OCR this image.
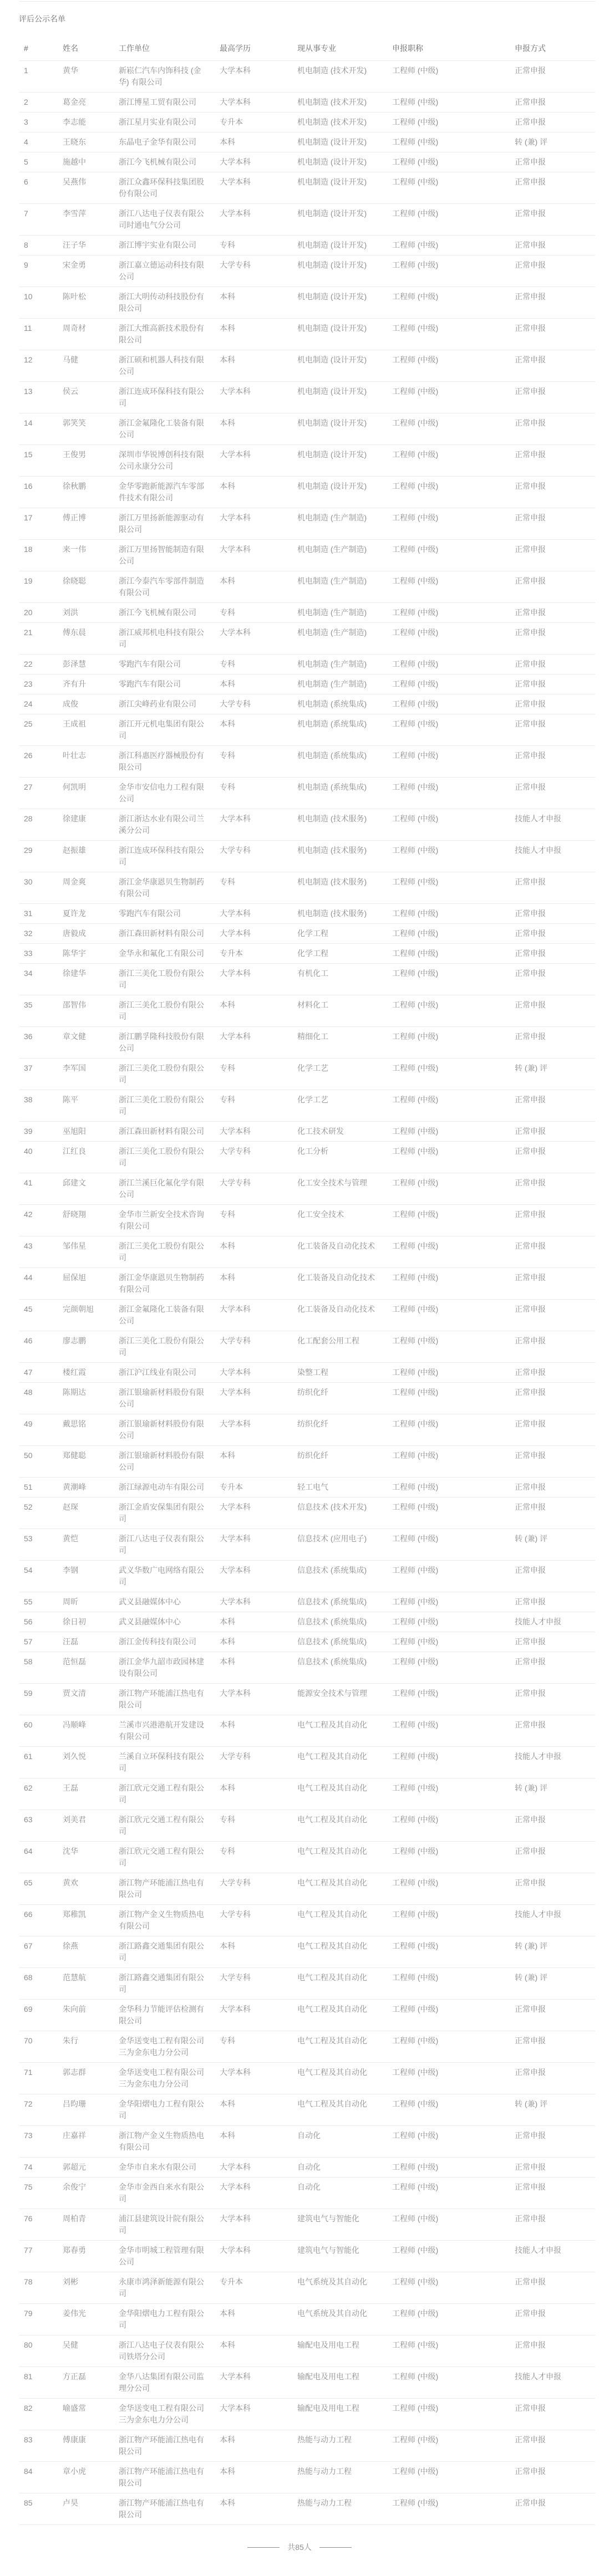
评后公示名单
#	姓名	工作单位	最高学历	现从事专业	申报职称	申报方式
1	黄华	新崧仁汽车内饰科技 (金华) 有限公司	大学本科	机电制造 (技术开发)	工程师 (中级)	正常申报
2	葛金亮	浙江博星工贸有限公司	大学本科	机电制造 (技术开发)	工程师 (中级)	正常申报
3	李志能	浙江星月实业有限公司	专升本	机电制造 (技术开发)	工程师 (中级)	正常申报
4	王晓东	东晶电子金华有限公司	本科	机电制造 (设计开发)	工程师 (中级)	转 (兼) 评
5	施越中	浙江今飞机械有限公司	大学本科	机电制造 (设计开发)	工程师 (中级)	正常申报
6	吴燕伟	浙江众鑫环保科技集团股份有限公司	大学本科	机电制造 (设计开发)	工程师 (中级)	正常申报
7	李雪萍	浙江八达电子仪表有限公司时通电气分公司	大学本科	机电制造 (设计开发)	工程师 (中级)	正常申报
8	汪子华	浙江博宇实业有限公司	专科	机电制造 (设计开发)	工程师 (中级)	正常申报
9	宋金勇	浙江嘉立德运动科技有限公司	大学专科	机电制造 (设计开发)	工程师 (中级)	正常申报
10	陈叶松	浙江大明传动科技股份有限公司	本科	机电制造 (设计开发)	工程师 (中级)	正常申报
11	周奇材	浙江大维高新技术股份有限公司	本科	机电制造 (设计开发)	工程师 (中级)	正常申报
12	马健	浙江硕和机器人科技有限公司	本科	机电制造 (设计开发)	工程师 (中级)	正常申报
13	侯云	浙江连成环保科技有限公司	大学本科	机电制造 (设计开发)	工程师 (中级)	正常申报
14	郭笑笑	浙江金氟隆化工装备有限公司	本科	机电制造 (设计开发)	工程师 (中级)	正常申报
15	王俊男	深圳市华锐博创科技有限公司永康分公司	大学本科	机电制造 (设计开发)	工程师 (中级)	正常申报
16	徐秋鹏	金华零跑新能源汽车零部件技术有限公司	本科	机电制造 (设计开发)	工程师 (中级)	正常申报
17	傅正博	浙江万里扬新能源驱动有限公司	大学本科	机电制造 (生产制造)	工程师 (中级)	正常申报
18	来一伟	浙江万里扬智能制造有限公司	大学本科	机电制造 (生产制造)	工程师 (中级)	正常申报
19	徐晓聪	浙江今泰汽车零部件制造有限公司	本科	机电制造 (生产制造)	工程师 (中级)	正常申报
20	刘洪	浙江今飞机械有限公司	专科	机电制造 (生产制造)	工程师 (中级)	正常申报
21	傅东晨	浙江威邦机电科技有限公司	大学本科	机电制造 (生产制造)	工程师 (中级)	正常申报
22	彭泽慧	零跑汽车有限公司	专科	机电制造 (生产制造)	工程师 (中级)	正常申报
23	齐有升	零跑汽车有限公司	本科	机电制造 (生产制造)	工程师 (中级)	正常申报
24	成俊	浙江尖峰药业有限公司	大学专科	机电制造 (系统集成)	工程师 (中级)	正常申报
25	王成祖	浙江开元机电集团有限公司	本科	机电制造 (系统集成)	工程师 (中级)	正常申报
26	叶壮志	浙江科惠医疗器械股份有限公司	专科	机电制造 (系统集成)	工程师 (中级)	正常申报
27	何凯明	金华市安信电力工程有限公司	专科	机电制造 (系统集成)	工程师 (中级)	正常申报
28	徐建康	浙江浙达水业有限公司兰溪分公司	大学本科	机电制造 (技术服务)	工程师 (中级)	技能人才申报
29	赵振雄	浙江连成环保科技有限公司	大学专科	机电制造 (技术服务)	工程师 (中级)	技能人才申报
30	周金爽	浙江金华康恩贝生物制药有限公司	专科	机电制造 (技术服务)	工程师 (中级)	正常申报
31	夏许龙	零跑汽车有限公司	大学本科	机电制造 (技术服务)	工程师 (中级)	正常申报
32	唐毅成	浙江森田新材料有限公司	大学本科	化学工程	工程师 (中级)	正常申报
33	陈华宇	金华永和氟化工有限公司	专升本	化学工程	工程师 (中级)	正常申报
34	徐建华	浙江三美化工股份有限公司	大学本科	有机化工	工程师 (中级)	正常申报
35	邵智伟	浙江三美化工股份有限公司	本科	材料化工	工程师 (中级)	正常申报
36	章文健	浙江鹏孚隆科技股份有限公司	大学本科	精细化工	工程师 (中级)	正常申报
37	李军国	浙江三美化工股份有限公司	专科	化学工艺	工程师 (中级)	转 (兼) 评
38	陈平	浙江三美化工股份有限公司	专科	化学工艺	工程师 (中级)	正常申报
39	巫旭阳	浙江森田新材料有限公司	大学本科	化工技术研发	工程师 (中级)	正常申报
40	江红良	浙江三美化工股份有限公司	大学专科	化工分析	工程师 (中级)	正常申报
41	邱建文	浙江兰溪巨化氟化学有限公司	大学专科	化工安全技术与管理	工程师 (中级)	正常申报
42	舒晓翔	金华市兰新安全技术咨询有限公司	专科	化工安全技术	工程师 (中级)	正常申报
43	邹伟星	浙江三美化工股份有限公司	本科	化工装备及自动化技术	工程师 (中级)	正常申报
44	屈保旭	浙江金华康恩贝生物制药有限公司	本科	化工装备及自动化技术	工程师 (中级)	正常申报
45	完颜朝旭	浙江金氟隆化工装备有限公司	大学本科	化工装备及自动化技术	工程师 (中级)	正常申报
46	廖志鹏	浙江三美化工股份有限公司	大学专科	化工配套公用工程	工程师 (中级)	正常申报
47	楼红霞	浙江沪江线业有限公司	大学本科	染整工程	工程师 (中级)	正常申报
48	陈期达	浙江银瑜新材料股份有限公司	大学本科	纺织化纤	工程师 (中级)	正常申报
49	戴思铭	浙江银瑜新材料股份有限公司	大学本科	纺织化纤	工程师 (中级)	正常申报
50	郑健聪	浙江银瑜新材料股份有限公司	本科	纺织化纤	工程师 (中级)	正常申报
51	黄潮峰	浙江绿源电动车有限公司	专升本	轻工电气	工程师 (中级)	正常申报
52	赵琛	浙江金盾安保集团有限公司	大学本科	信息技术 (技术开发)	工程师 (中级)	正常申报
53	黄恺	浙江八达电子仪表有限公司	大学本科	信息技术 (应用电子)	工程师 (中级)	转 (兼) 评
54	李钢	武义华数广电网络有限公司	大学本科	信息技术 (系统集成)	工程师 (中级)	正常申报
55	周昕	武义县融媒体中心	大学本科	信息技术 (系统集成)	工程师 (中级)	正常申报
56	徐日初	武义县融媒体中心	本科	信息技术 (系统集成)	工程师 (中级)	技能人才申报
57	汪磊	浙江金传科技有限公司	本科	信息技术 (系统集成)	工程师 (中级)	正常申报
58	范恒磊	浙江金华九韶市政园林建设有限公司	本科	信息技术 (系统集成)	工程师 (中级)	正常申报
59	贾文清	浙江物产环能浦江热电有限公司	大学本科	能源安全技术与管理	工程师 (中级)	正常申报
60	冯顺峰	兰溪市兴港港航开发建设有限公司	本科	电气工程及其自动化	工程师 (中级)	正常申报
61	刘久悦	兰溪自立环保科技有限公司	大学专科	电气工程及其自动化	工程师 (中级)	技能人才申报
62	王磊	浙江欣元交通工程有限公司	本科	电气工程及其自动化	工程师 (中级)	转 (兼) 评
63	刘美君	浙江欣元交通工程有限公司	专科	电气工程及其自动化	工程师 (中级)	正常申报
64	沈华	浙江欣元交通工程有限公司	专科	电气工程及其自动化	工程师 (中级)	正常申报
65	黄欢	浙江物产环能浦江热电有限公司	大学专科	电气工程及其自动化	工程师 (中级)	正常申报
66	郑稚凯	浙江物产金义生物质热电有限公司	大学专科	电气工程及其自动化	工程师 (中级)	技能人才申报
67	徐燕	浙江路鑫交通集团有限公司	本科	电气工程及其自动化	工程师 (中级)	转 (兼) 评
68	范慧航	浙江路鑫交通集团有限公司	大学专科	电气工程及其自动化	工程师 (中级)	转 (兼) 评
69	朱向前	金华科力节能评估检测有限公司	大学本科	电气工程及其自动化	工程师 (中级)	正常申报
70	朱行	金华送变电工程有限公司三为金东电力分公司	专科	电气工程及其自动化	工程师 (中级)	正常申报
71	郭志群	金华送变电工程有限公司三为金东电力分公司	大学本科	电气工程及其自动化	工程师 (中级)	正常申报
72	吕昀珊	金华阳熠电力工程有限公司	本科	电气工程及其自动化	工程师 (中级)	转 (兼) 评
73	庄嘉祥	浙江物产金义生物质热电有限公司	本科	自动化	工程师 (中级)	正常申报
74	郭超元	金华市自来水有限公司	大学本科	自动化	工程师 (中级)	正常申报
75	余俊宁	金华市金西自来水有限公司	大学本科	自动化	工程师 (中级)	正常申报
76	周柏青	浦江县建筑设计院有限公司	大学本科	建筑电气与智能化	工程师 (中级)	正常申报
77	郑春勇	金华市明城工程管理有限公司	大学本科	建筑电气与智能化	工程师 (中级)	技能人才申报
78	刘彬	永康市鸿泽新能源有限公司	专升本	电气系统及其自动化	工程师 (中级)	正常申报
79	姜伟光	金华阳熠电力工程有限公司	本科	电气系统及其自动化	工程师 (中级)	正常申报
80	吴健	浙江八达电子仪表有限公司铁塔分公司	本科	输配电及用电工程	工程师 (中级)	正常申报
81	方正磊	金华八达集团有限公司监理分公司	大学本科	输配电及用电工程	工程师 (中级)	技能人才申报
82	喻盛常	金华送变电工程有限公司三为金东电力分公司	大学本科	输配电及用电工程	工程师 (中级)	正常申报
83	傅康康	浙江物产环能浦江热电有限公司	本科	热能与动力工程	工程师 (中级)	正常申报
84	章小虎	浙江物产环能浦江热电有限公司	本科	热能与动力工程	工程师 (中级)	正常申报
85	卢昊	浙江物产环能浦江热电有限公司	本科	热能与动力工程	工程师 (中级)	正常申报
共85人
